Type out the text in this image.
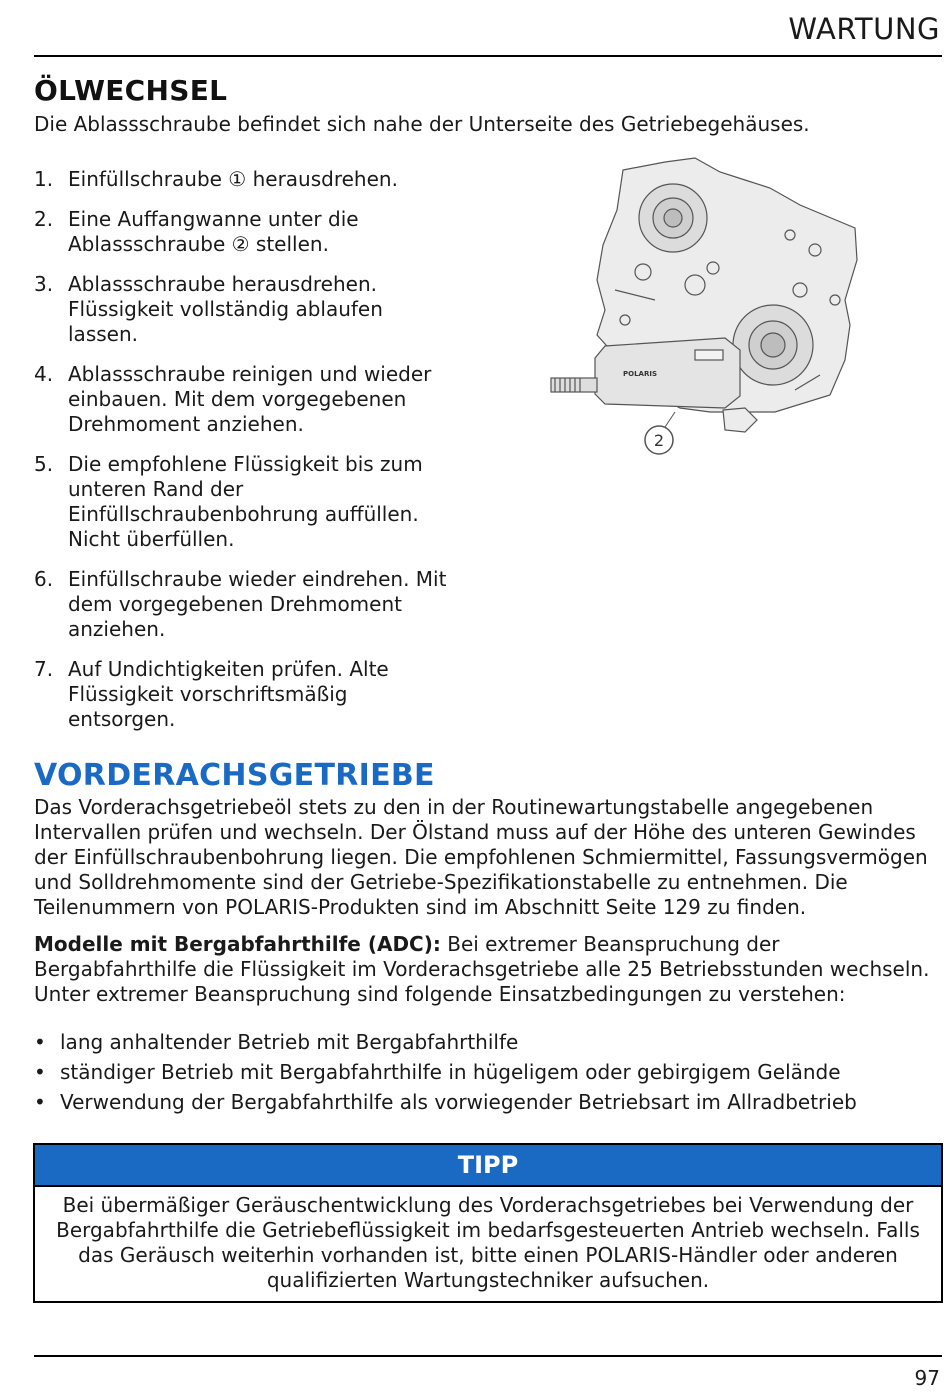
WARTUNG
ÖLWECHSEL
Die Ablassschraube befindet sich nahe der Unterseite des Getriebegehäuses.
1. Einfüllschraube ① herausdrehen.
2. Eine Auffangwanne unter die Ablassschraube ② stellen.
3. Ablassschraube herausdrehen. Flüssigkeit vollständig ablaufen lassen.
4. Ablassschraube reinigen und wieder einbauen. Mit dem vorgegebenen Drehmoment anziehen.
5. Die empfohlene Flüssigkeit bis zum unteren Rand der Einfüllschraubenbohrung auffüllen. Nicht überfüllen.
6. Einfüllschraube wieder eindrehen. Mit dem vorgegebenen Drehmoment anziehen.
7. Auf Undichtigkeiten prüfen. Alte Flüssigkeit vorschriftsmäßig entsorgen.
POLARIS
2
VORDERACHSGETRIEBE
Das Vorderachsgetriebeöl stets zu den in der Routinewartungstabelle angegebenen Intervallen prüfen und wechseln. Der Ölstand muss auf der Höhe des unteren Gewindes der Einfüllschraubenbohrung liegen. Die empfohlenen Schmiermittel, Fassungsvermögen und Solldrehmomente sind der Getriebe-Spezifikationstabelle zu entnehmen. Die Teilenummern von POLARIS-Produkten sind im Abschnitt Seite 129 zu finden.
Modelle mit Bergabfahrthilfe (ADC): Bei extremer Beanspruchung der Bergabfahrthilfe die Flüssigkeit im Vorderachsgetriebe alle 25 Betriebsstunden wechseln. Unter extremer Beanspruchung sind folgende Einsatzbedingungen zu verstehen:
• lang anhaltender Betrieb mit Bergabfahrthilfe
• ständiger Betrieb mit Bergabfahrthilfe in hügeligem oder gebirgigem Gelände
• Verwendung der Bergabfahrthilfe als vorwiegender Betriebsart im Allradbetrieb
TIPP
Bei übermäßiger Geräuschentwicklung des Vorderachsgetriebes bei Verwendung der Bergabfahrthilfe die Getriebeflüssigkeit im bedarfsgesteuerten Antrieb wechseln. Falls das Geräusch weiterhin vorhanden ist, bitte einen POLARIS-Händler oder anderen qualifizierten Wartungstechniker aufsuchen.
97
